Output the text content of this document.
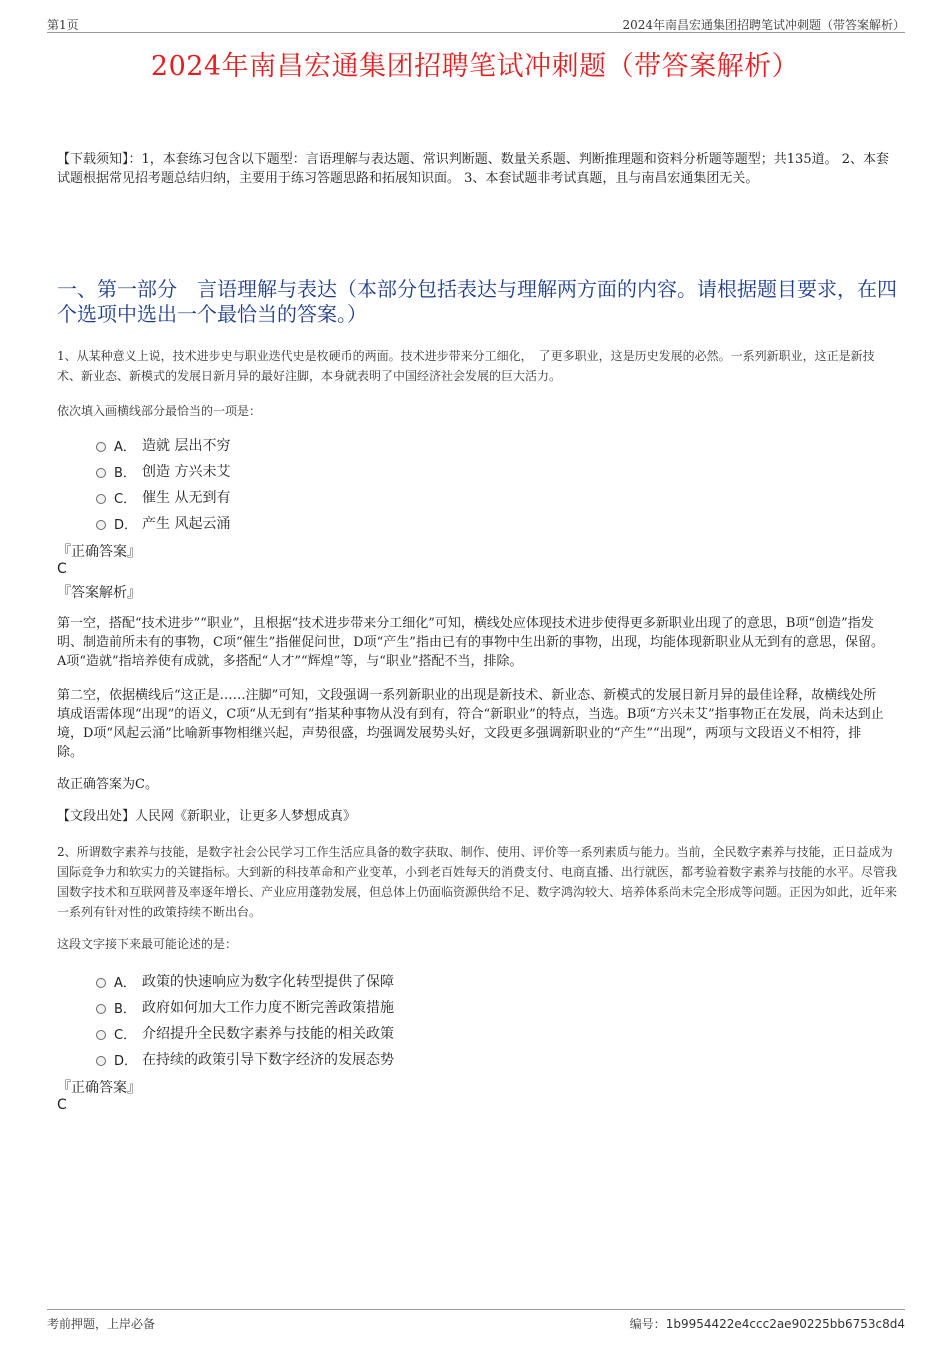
第1页	2024年南昌宏通集团招聘笔试冲刺题（带答案解析）
2024年南昌宏通集团招聘笔试冲刺题（带答案解析）
【下载须知】：1，本套练习包含以下题型：言语理解与表达题、常识判断题、数量关系题、判断推理题和资料分析题等题型；共135道。 2、本套试题根据常见招考题总结归纳，主要用于练习答题思路和拓展知识面。 3、本套试题非考试真题，且与南昌宏通集团无关。
一、第一部分　言语理解与表达（本部分包括表达与理解两方面的内容。请根据题目要求，在四个选项中选出一个最恰当的答案。）
1、从某种意义上说，技术进步史与职业迭代史是枚硬币的两面。技术进步带来分工细化，　了更多职业，这是历史发展的必然。一系列新职业，这正是新技术、新业态、新模式的发展日新月异的最好注脚，本身就表明了中国经济社会发展的巨大活力。
依次填入画横线部分最恰当的一项是：
A． 造就 层出不穷
B． 创造 方兴未艾
C． 催生 从无到有
D． 产生 风起云涌
『正确答案』
C
『答案解析』
第一空，搭配“技术进步”“职业”，且根据“技术进步带来分工细化”可知，横线处应体现技术进步使得更多新职业出现了的意思，B项“创造”指发明、制造前所未有的事物，C项“催生”指催促问世，D项“产生”指由已有的事物中生出新的事物，出现，均能体现新职业从无到有的意思，保留。A项“造就”指培养使有成就，多搭配“人才”“辉煌”等，与“职业”搭配不当，排除。
第二空，依据横线后“这正是……注脚”可知，文段强调一系列新职业的出现是新技术、新业态、新模式的发展日新月异的最佳诠释，故横线处所填成语需体现“出现”的语义，C项“从无到有”指某种事物从没有到有，符合“新职业”的特点，当选。B项“方兴未艾”指事物正在发展，尚未达到止境，D项“风起云涌”比喻新事物相继兴起，声势很盛，均强调发展势头好，文段更多强调新职业的“产生”“出现”，两项与文段语义不相符，排除。
故正确答案为C。
【文段出处】人民网《新职业，让更多人梦想成真》
2、所谓数字素养与技能，是数字社会公民学习工作生活应具备的数字获取、制作、使用、评价等一系列素质与能力。当前，全民数字素养与技能，正日益成为国际竞争力和软实力的关键指标。大到新的科技革命和产业变革，小到老百姓每天的消费支付、电商直播、出行就医，都考验着数字素养与技能的水平。尽管我国数字技术和互联网普及率逐年增长、产业应用蓬勃发展，但总体上仍面临资源供给不足、数字鸿沟较大、培养体系尚未完全形成等问题。正因为如此，近年来一系列有针对性的政策持续不断出台。
这段文字接下来最可能论述的是：
A． 政策的快速响应为数字化转型提供了保障
B． 政府如何加大工作力度不断完善政策措施
C． 介绍提升全民数字素养与技能的相关政策
D． 在持续的政策引导下数字经济的发展态势
『正确答案』
C
考前押题，上岸必备	编号：1b9954422e4ccc2ae90225bb6753c8d4
